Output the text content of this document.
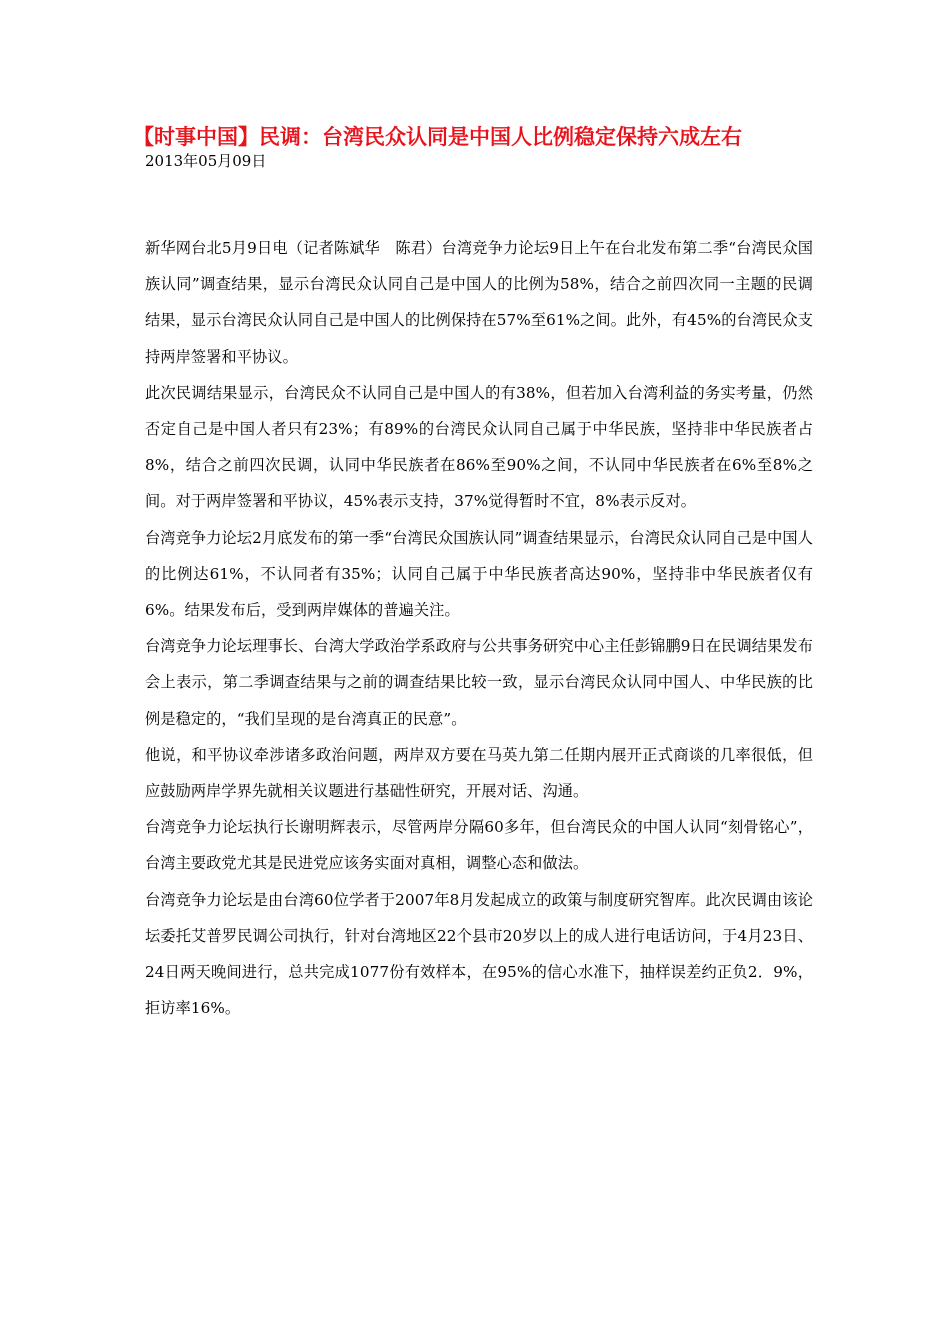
【时事中国】民调：台湾民众认同是中国人比例稳定保持六成左右
2013年05月09日

新华网台北5月9日电（记者陈斌华　陈君）台湾竞争力论坛9日上午在台北发布第二季“台湾民众国族认同”调查结果，显示台湾民众认同自己是中国人的比例为58%，结合之前四次同一主题的民调结果，显示台湾民众认同自己是中国人的比例保持在57%至61%之间。此外，有45%的台湾民众支持两岸签署和平协议。

此次民调结果显示，台湾民众不认同自己是中国人的有38%，但若加入台湾利益的务实考量，仍然否定自己是中国人者只有23%；有89%的台湾民众认同自己属于中华民族，坚持非中华民族者占8%，结合之前四次民调，认同中华民族者在86%至90%之间，不认同中华民族者在6%至8%之间。对于两岸签署和平协议，45%表示支持，37%觉得暂时不宜，8%表示反对。

台湾竞争力论坛2月底发布的第一季“台湾民众国族认同”调查结果显示，台湾民众认同自己是中国人的比例达61%，不认同者有35%；认同自己属于中华民族者高达90%，坚持非中华民族者仅有6%。结果发布后，受到两岸媒体的普遍关注。

台湾竞争力论坛理事长、台湾大学政治学系政府与公共事务研究中心主任彭锦鹏9日在民调结果发布会上表示，第二季调查结果与之前的调查结果比较一致，显示台湾民众认同中国人、中华民族的比例是稳定的，“我们呈现的是台湾真正的民意”。

他说，和平协议牵涉诸多政治问题，两岸双方要在马英九第二任期内展开正式商谈的几率很低，但应鼓励两岸学界先就相关议题进行基础性研究，开展对话、沟通。

台湾竞争力论坛执行长谢明辉表示，尽管两岸分隔60多年，但台湾民众的中国人认同“刻骨铭心”，台湾主要政党尤其是民进党应该务实面对真相，调整心态和做法。

台湾竞争力论坛是由台湾60位学者于2007年8月发起成立的政策与制度研究智库。此次民调由该论坛委托艾普罗民调公司执行，针对台湾地区22个县市20岁以上的成人进行电话访问，于4月23日、24日两天晚间进行，总共完成1077份有效样本，在95%的信心水准下，抽样误差约正负2．9%，拒访率16%。
